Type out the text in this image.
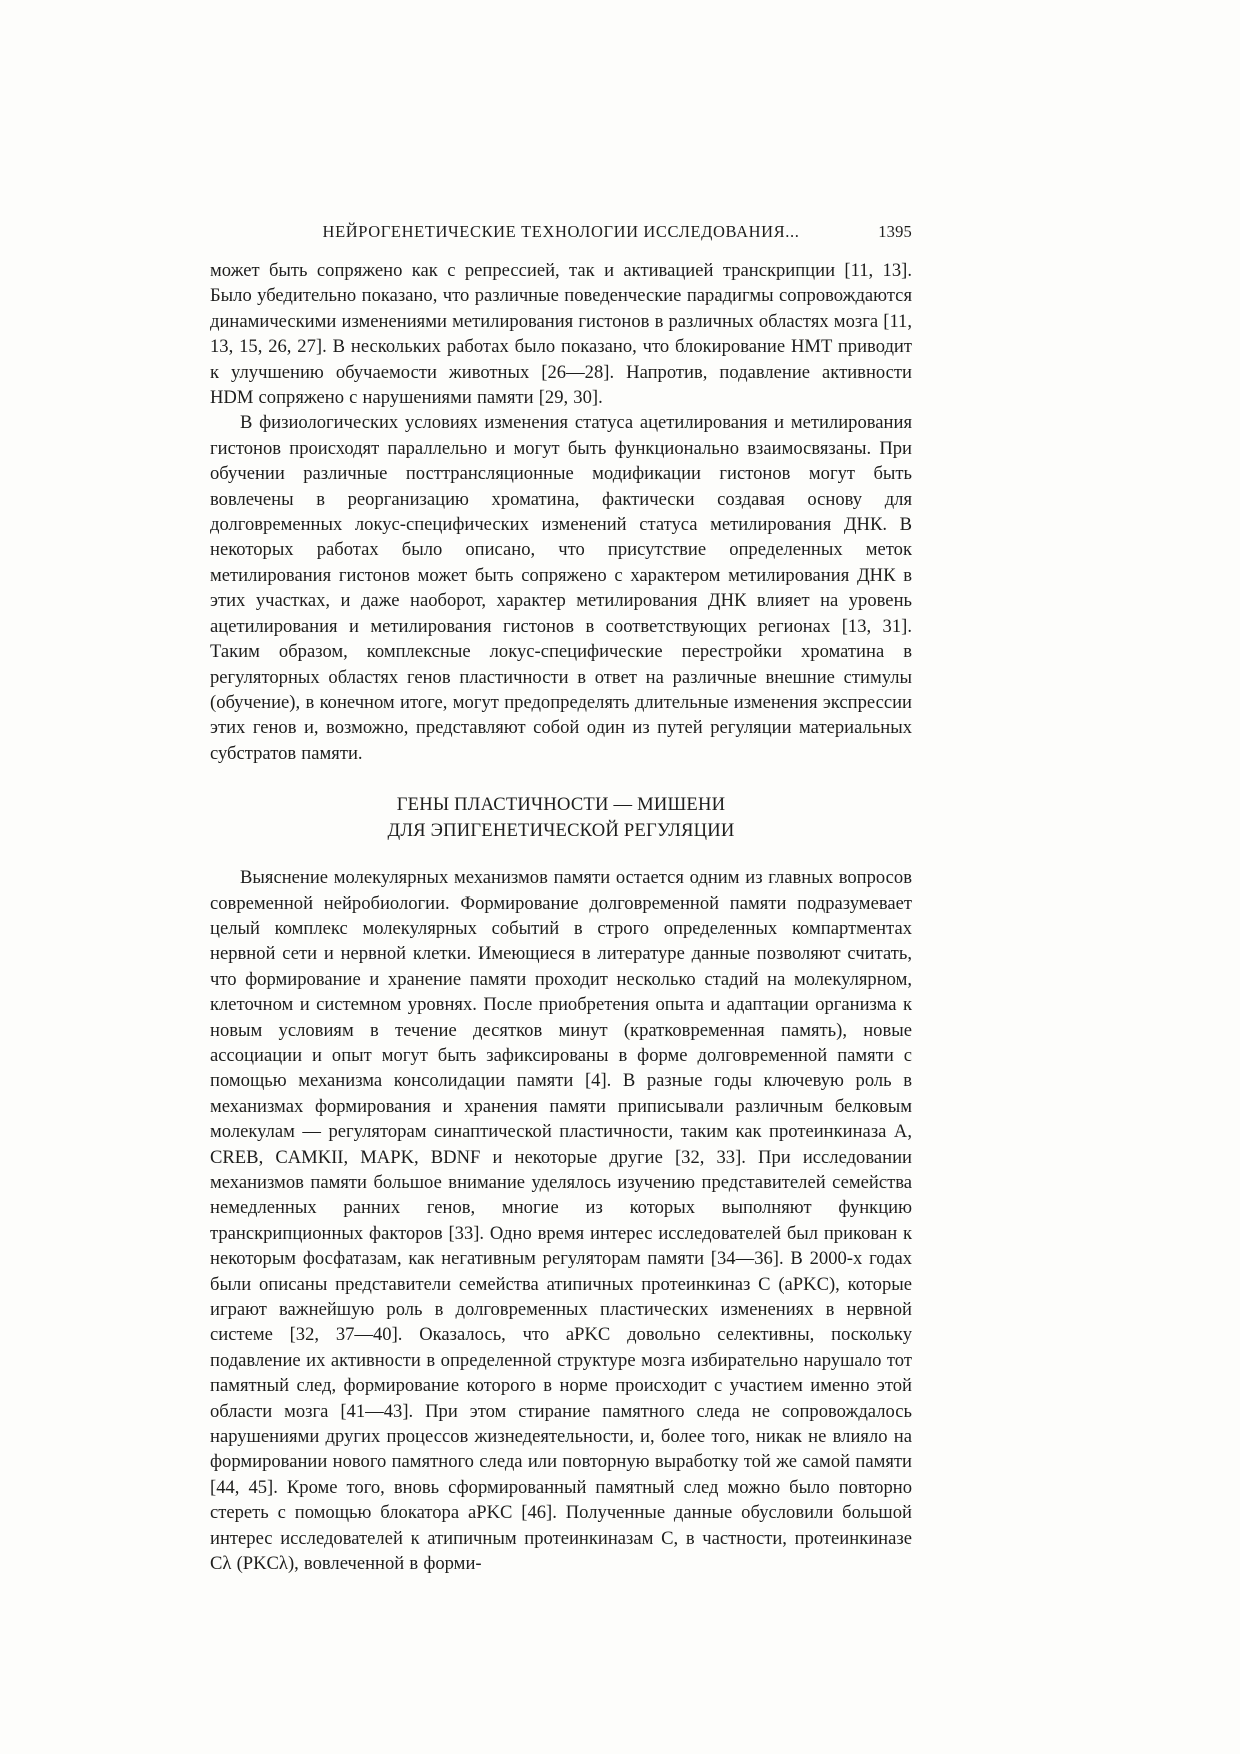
НЕЙРОГЕНЕТИЧЕСКИЕ ТЕХНОЛОГИИ ИССЛЕДОВАНИЯ...	1395

может быть сопряжено как с репрессией, так и активацией транскрипции [11, 13]. Было убедительно показано, что различные поведенческие парадигмы сопровождаются динамическими изменениями метилирования гистонов в различных областях мозга [11, 13, 15, 26, 27]. В нескольких работах было показано, что блокирование HMT приводит к улучшению обучаемости животных [26—28]. Напротив, подавление активности HDM сопряжено с нарушениями памяти [29, 30].

В физиологических условиях изменения статуса ацетилирования и метилирования гистонов происходят параллельно и могут быть функционально взаимосвязаны. При обучении различные посттрансляционные модификации гистонов могут быть вовлечены в реорганизацию хроматина, фактически создавая основу для долговременных локус-специфических изменений статуса метилирования ДНК. В некоторых работах было описано, что присутствие определенных меток метилирования гистонов может быть сопряжено с характером метилирования ДНК в этих участках, и даже наоборот, характер метилирования ДНК влияет на уровень ацетилирования и метилирования гистонов в соответствующих регионах [13, 31]. Таким образом, комплексные локус-специфические перестройки хроматина в регуляторных областях генов пластичности в ответ на различные внешние стимулы (обучение), в конечном итоге, могут предопределять длительные изменения экспрессии этих генов и, возможно, представляют собой один из путей регуляции материальных субстратов памяти.

ГЕНЫ ПЛАСТИЧНОСТИ — МИШЕНИ
ДЛЯ ЭПИГЕНЕТИЧЕСКОЙ РЕГУЛЯЦИИ

Выяснение молекулярных механизмов памяти остается одним из главных вопросов современной нейробиологии. Формирование долговременной памяти подразумевает целый комплекс молекулярных событий в строго определенных компартментах нервной сети и нервной клетки. Имеющиеся в литературе данные позволяют считать, что формирование и хранение памяти проходит несколько стадий на молекулярном, клеточном и системном уровнях. После приобретения опыта и адаптации организма к новым условиям в течение десятков минут (кратковременная память), новые ассоциации и опыт могут быть зафиксированы в форме долговременной памяти с помощью механизма консолидации памяти [4]. В разные годы ключевую роль в механизмах формирования и хранения памяти приписывали различным белковым молекулам — регуляторам синаптической пластичности, таким как протеинкиназа A, CREB, CAMKII, MAPK, BDNF и некоторые другие [32, 33]. При исследовании механизмов памяти большое внимание уделялось изучению представителей семейства немедленных ранних генов, многие из которых выполняют функцию транскрипционных факторов [33]. Одно время интерес исследователей был прикован к некоторым фосфатазам, как негативным регуляторам памяти [34—36]. В 2000-х годах были описаны представители семейства атипичных протеинкиназ C (aPKC), которые играют важнейшую роль в долговременных пластических изменениях в нервной системе [32, 37—40]. Оказалось, что aPKC довольно селективны, поскольку подавление их активности в определенной структуре мозга избирательно нарушало тот памятный след, формирование которого в норме происходит с участием именно этой области мозга [41—43]. При этом стирание памятного следа не сопровождалось нарушениями других процессов жизнедеятельности, и, более того, никак не влияло на формировании нового памятного следа или повторную выработку той же самой памяти [44, 45]. Кроме того, вновь сформированный памятный след можно было повторно стереть с помощью блокатора aPKC [46]. Полученные данные обусловили большой интерес исследователей к атипичным протеинкиназам C, в частности, протеинкиназе Cλ (PKCλ), вовлеченной в форми-
